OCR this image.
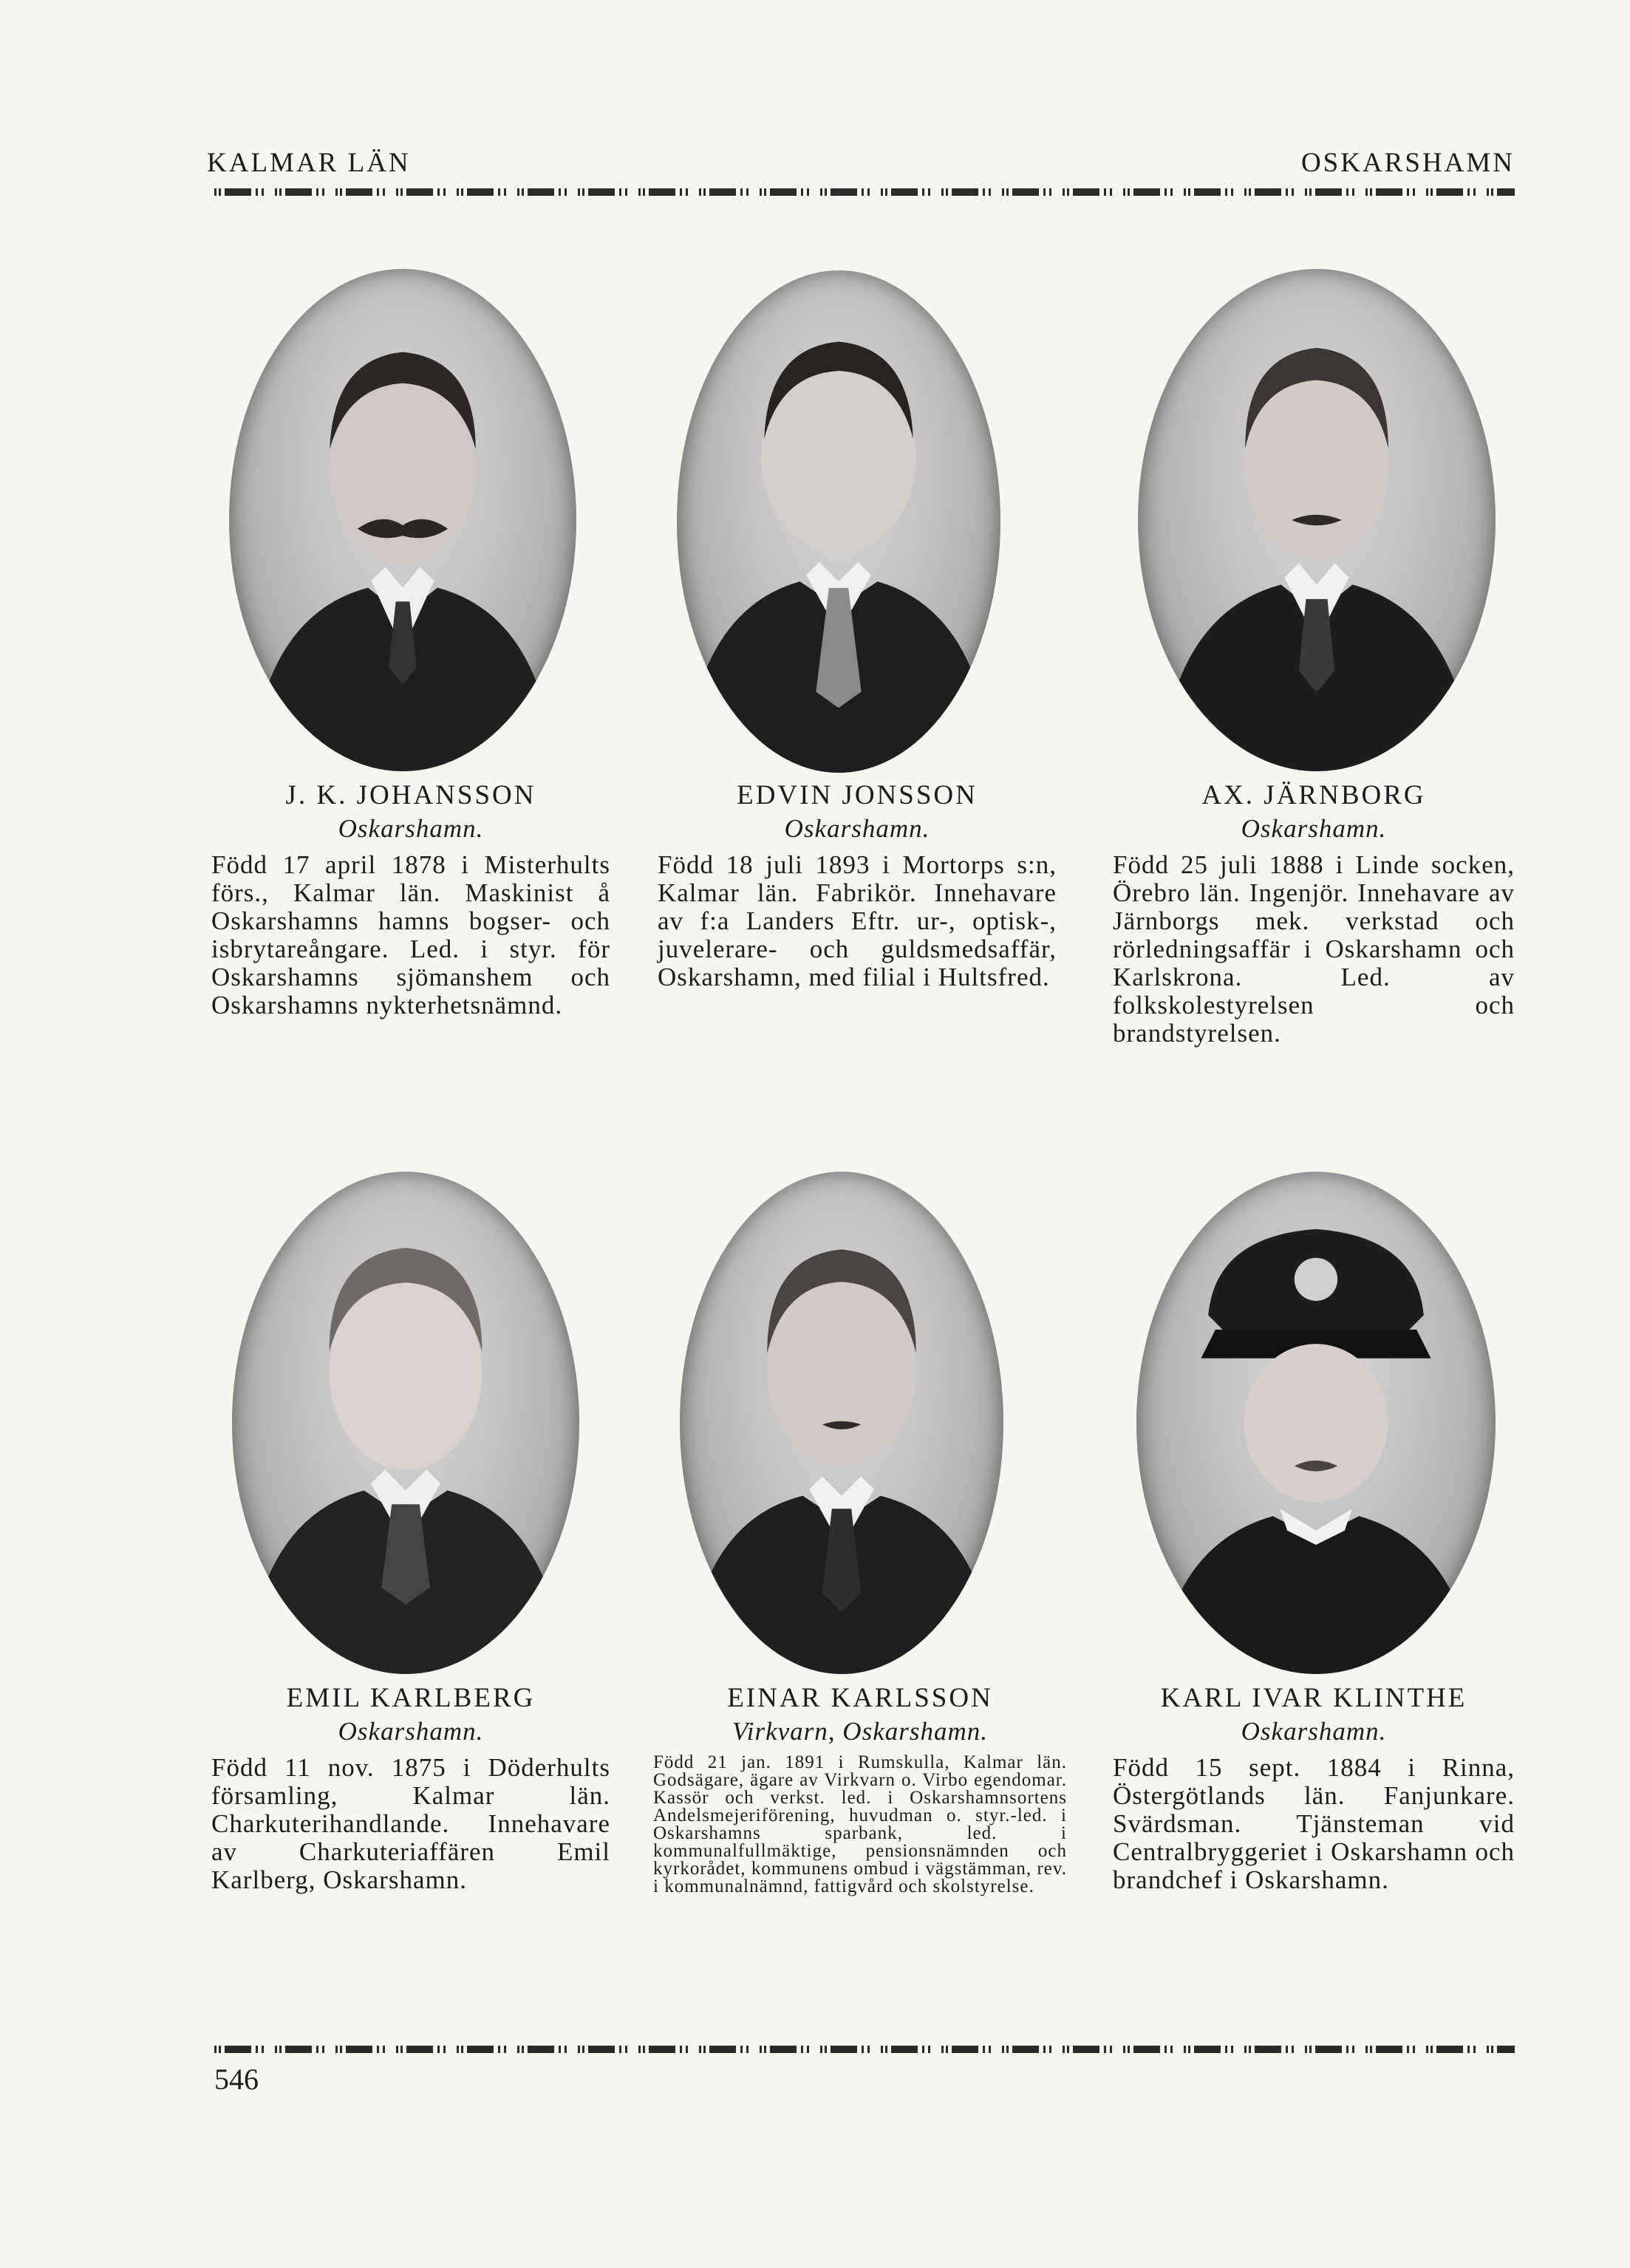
KALMAR LÄN	OSKARSHAMN
J. K. JOHANSSON
Oskarshamn.

Född 17 april 1878 i Misterhults förs., Kalmar län. Maskinist å Oskarshamns hamns bogser- och isbrytareångare. Led. i styr. för Oskarshamns sjömanshem och Oskarshamns nykterhetsnämnd.

EDVIN JONSSON
Oskarshamn.

Född 18 juli 1893 i Mortorps s:n, Kalmar län. Fabrikör. Innehavare av f:a Landers Eftr. ur-, optisk-, juvelerare- och guldsmedsaffär, Oskarshamn, med filial i Hultsfred.

AX. JÄRNBORG
Oskarshamn.

Född 25 juli 1888 i Linde socken, Örebro län. Ingenjör. Innehavare av Järnborgs mek. verkstad och rörledningsaffär i Oskarshamn och Karlskrona. Led. av folkskolestyrelsen och brandstyrelsen.

EMIL KARLBERG
Oskarshamn.

Född 11 nov. 1875 i Döderhults församling, Kalmar län. Charkuterihandlande. Innehavare av Charkuteriaffären Emil Karlberg, Oskarshamn.

EINAR KARLSSON
Virkvarn, Oskarshamn.

Född 21 jan. 1891 i Rumskulla, Kalmar län. Godsägare, ägare av Virkvarn o. Virbo egendomar. Kassör och verkst. led. i Oskarshamnsortens Andelsmejeriförening, huvudman o. styr.-led. i Oskarshamns sparbank, led. i kommunalfullmäktige, pensionsnämnden och kyrkorådet, kommunens ombud i vägstämman, rev. i kommunalnämnd, fattigvård och skolstyrelse.

KARL IVAR KLINTHE
Oskarshamn.

Född 15 sept. 1884 i Rinna, Östergötlands län. Fanjunkare. Svärdsman. Tjänsteman vid Centralbryggeriet i Oskarshamn och brandchef i Oskarshamn.

546
